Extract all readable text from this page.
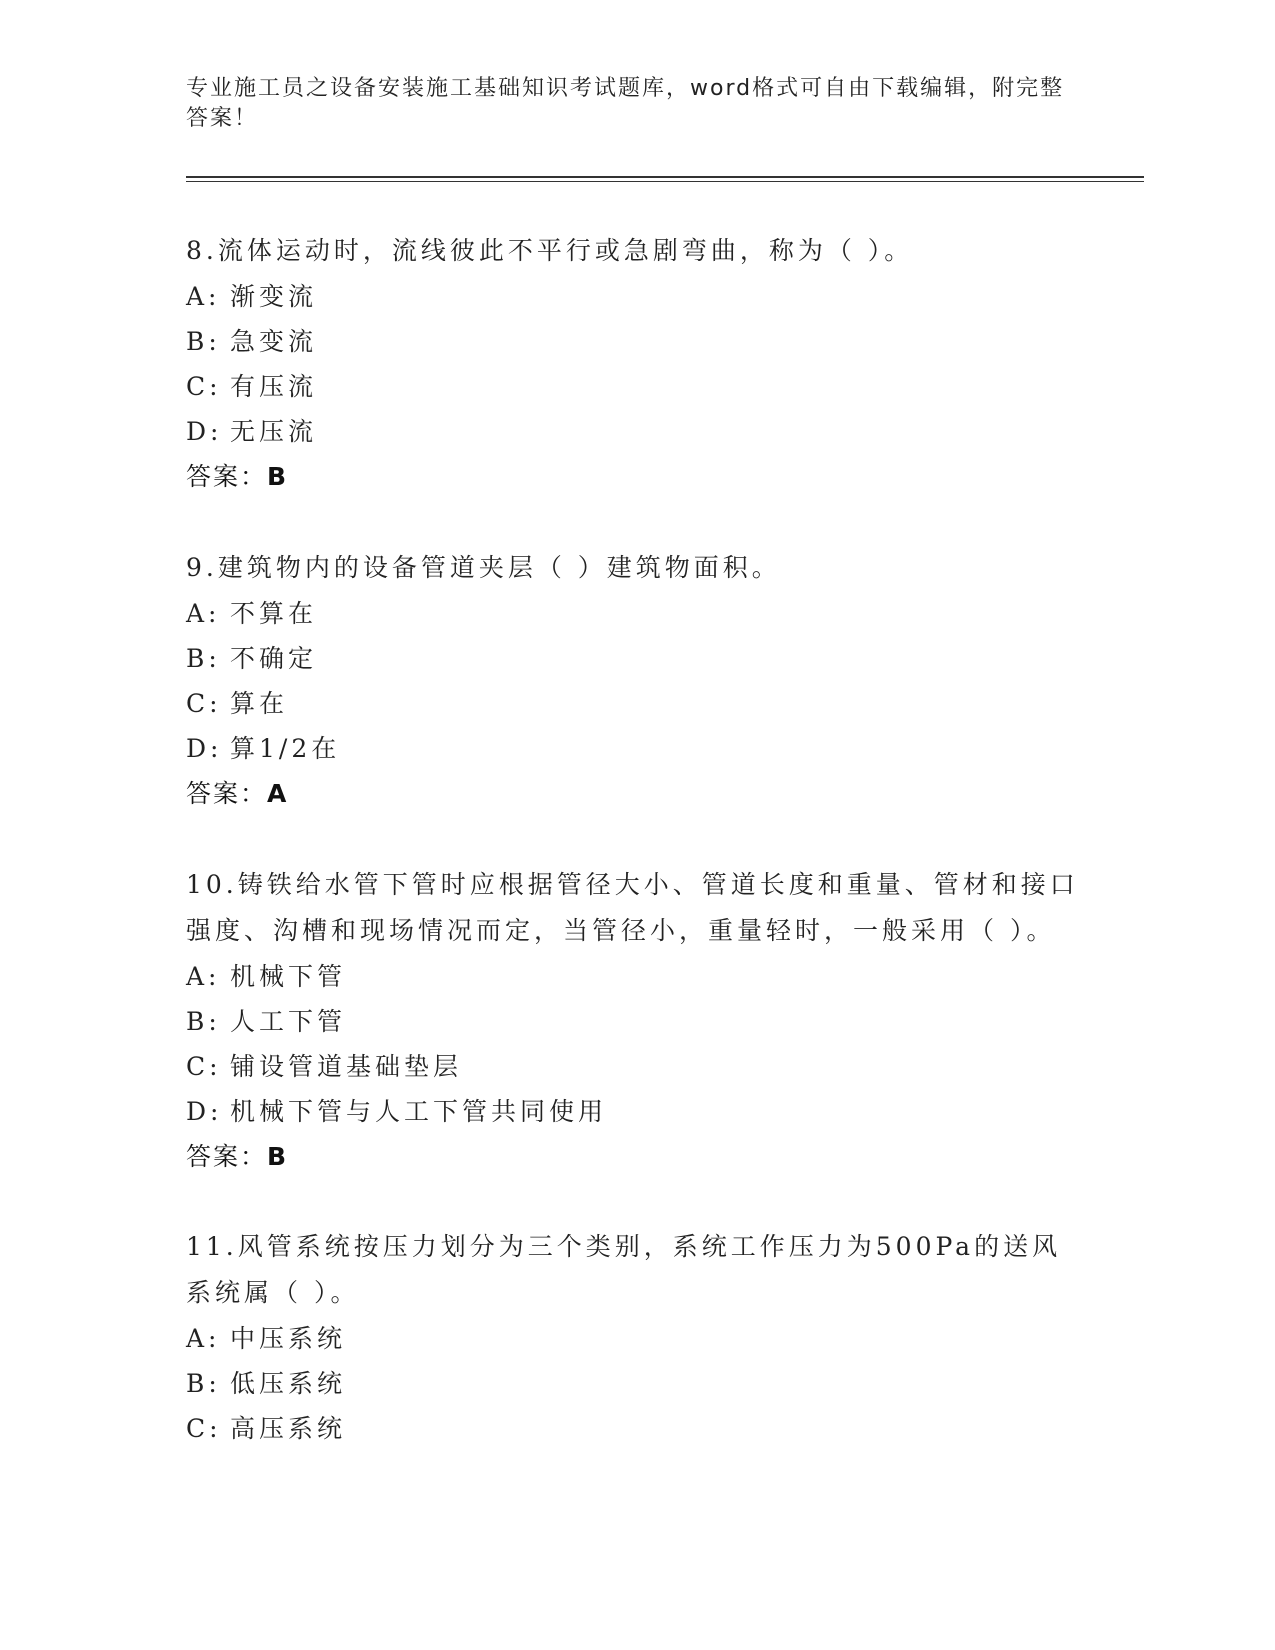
专业施工员之设备安装施工基础知识考试题库，word格式可自由下载编辑，附完整答案！

8.流体运动时，流线彼此不平行或急剧弯曲，称为（ ）。

A: 渐变流
B: 急变流
C: 有压流
D: 无压流
答案：B

9.建筑物内的设备管道夹层（ ）建筑物面积。

A: 不算在
B: 不确定
C: 算在
D: 算1/2在
答案：A

10.铸铁给水管下管时应根据管径大小、管道长度和重量、管材和接口强度、沟槽和现场情况而定，当管径小，重量轻时，一般采用（ ）。

A: 机械下管
B: 人工下管
C: 铺设管道基础垫层
D: 机械下管与人工下管共同使用
答案：B

11.风管系统按压力划分为三个类别，系统工作压力为500Pa的送风系统属（ ）。

A: 中压系统
B: 低压系统
C: 高压系统
